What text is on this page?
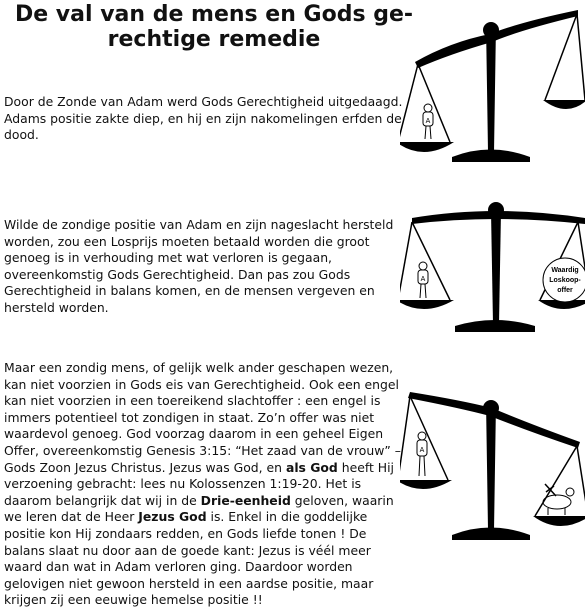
De val van de mens en Gods ge-rechtige remedie
Door de Zonde van Adam werd Gods Gerechtigheid uitgedaagd. Adams positie zakte diep, en hij en zijn nakomelingen erfden de dood.
Wilde de zondige positie van Adam en zijn nageslacht hersteld worden, zou een Losprijs moeten betaald worden die groot genoeg is in verhouding met wat verloren is gegaan, overeenkomstig Gods Gerechtigheid. Dan pas zou Gods Gerechtigheid in balans komen, en de mensen vergeven en hersteld worden.
Maar een zondig mens, of gelijk welk ander geschapen wezen, kan niet voorzien in Gods eis van Gerechtigheid. Ook een engel kan niet voorzien in een toereikend slachtoffer : een engel is immers potentieel tot zondigen in staat. Zo’n offer was niet waardevol genoeg. God voorzag daarom in een geheel Eigen Offer, overeenkomstig Genesis 3:15: “Het zaad van de vrouw” – Gods Zoon Jezus Christus. Jezus was God, en als God heeft Hij verzoening gebracht: lees nu Kolossenzen 1:19-20. Het is daarom belangrijk dat wij in de Drie-eenheid geloven, waarin we leren dat de Heer Jezus God is. Enkel in die goddelijke positie kon Hij zondaars redden, en Gods liefde tonen ! De balans slaat nu door aan de goede kant: Jezus is véél meer waard dan wat in Adam verloren ging. Daardoor worden gelovigen niet gewoon hersteld in een aardse positie, maar krijgen zij een eeuwige hemelse positie !!
A
A
Waardig
Loskoop-
offer
A
